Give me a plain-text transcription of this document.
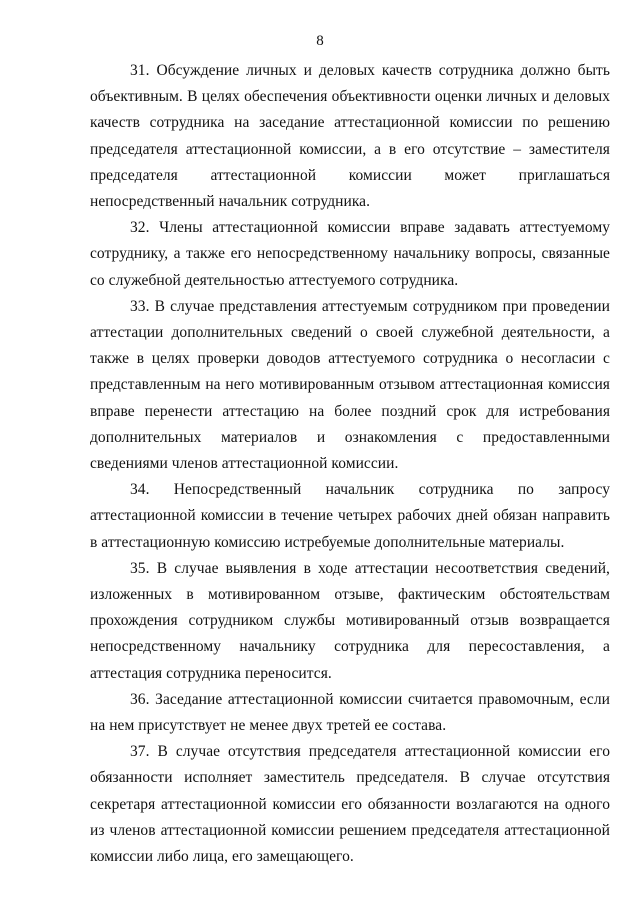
8

31. Обсуждение личных и деловых качеств сотрудника должно быть объективным. В целях обеспечения объективности оценки личных и деловых качеств сотрудника на заседание аттестационной комиссии по решению председателя аттестационной комиссии, а в его отсутствие – заместителя председателя аттестационной комиссии может приглашаться непосредственный начальник сотрудника.

32. Члены аттестационной комиссии вправе задавать аттестуемому сотруднику, а также его непосредственному начальнику вопросы, связанные со служебной деятельностью аттестуемого сотрудника.

33. В случае представления аттестуемым сотрудником при проведении аттестации дополнительных сведений о своей служебной деятельности, а также в целях проверки доводов аттестуемого сотрудника о несогласии с представленным на него мотивированным отзывом аттестационная комиссия вправе перенести аттестацию на более поздний срок для истребования дополнительных материалов и ознакомления с предоставленными сведениями членов аттестационной комиссии.

34. Непосредственный начальник сотрудника по запросу аттестационной комиссии в течение четырех рабочих дней обязан направить в аттестационную комиссию истребуемые дополнительные материалы.

35. В случае выявления в ходе аттестации несоответствия сведений, изложенных в мотивированном отзыве, фактическим обстоятельствам прохождения сотрудником службы мотивированный отзыв возвращается непосредственному начальнику сотрудника для пересоставления, а аттестация сотрудника переносится.

36. Заседание аттестационной комиссии считается правомочным, если на нем присутствует не менее двух третей ее состава.

37. В случае отсутствия председателя аттестационной комиссии его обязанности исполняет заместитель председателя. В случае отсутствия секретаря аттестационной комиссии его обязанности возлагаются на одного из членов аттестационной комиссии решением председателя аттестационной комиссии либо лица, его замещающего.
